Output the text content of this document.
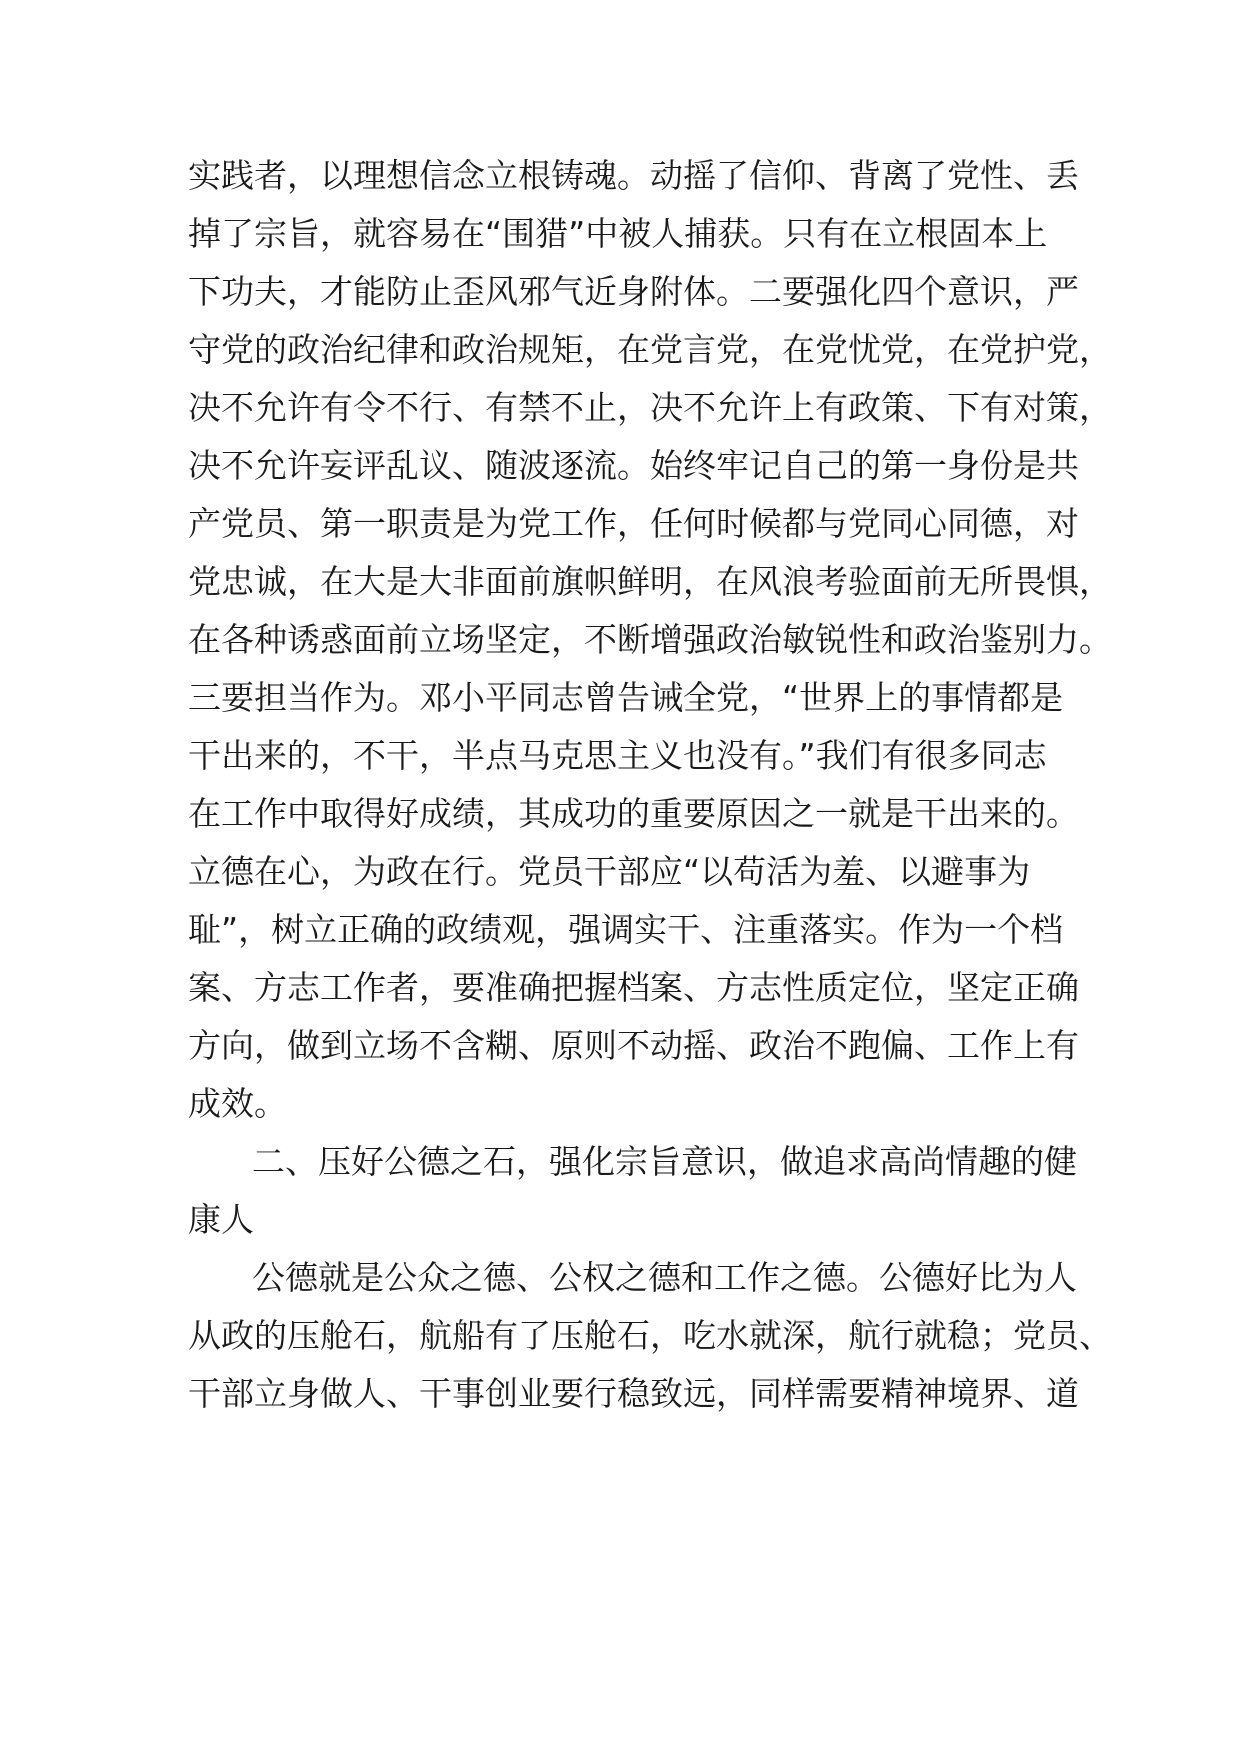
实践者，以理想信念立根铸魂。动摇了信仰、背离了党性、丢
掉了宗旨，就容易在“围猎”中被人捕获。只有在立根固本上
下功夫，才能防止歪风邪气近身附体。二要强化四个意识，严
守党的政治纪律和政治规矩，在党言党，在党忧党，在党护党，
决不允许有令不行、有禁不止，决不允许上有政策、下有对策，
决不允许妄评乱议、随波逐流。始终牢记自己的第一身份是共
产党员、第一职责是为党工作，任何时候都与党同心同德，对
党忠诚，在大是大非面前旗帜鲜明，在风浪考验面前无所畏惧，
在各种诱惑面前立场坚定，不断增强政治敏锐性和政治鉴别力。
三要担当作为。邓小平同志曾告诫全党，“世界上的事情都是
干出来的，不干，半点马克思主义也没有。”我们有很多同志
在工作中取得好成绩，其成功的重要原因之一就是干出来的。
立德在心，为政在行。党员干部应“以苟活为羞、以避事为
耻”，树立正确的政绩观，强调实干、注重落实。作为一个档
案、方志工作者，要准确把握档案、方志性质定位，坚定正确
方向，做到立场不含糊、原则不动摇、政治不跑偏、工作上有
成效。
二、压好公德之石，强化宗旨意识，做追求高尚情趣的健
康人
公德就是公众之德、公权之德和工作之德。公德好比为人
从政的压舱石，航船有了压舱石，吃水就深，航行就稳；党员、
干部立身做人、干事创业要行稳致远，同样需要精神境界、道
